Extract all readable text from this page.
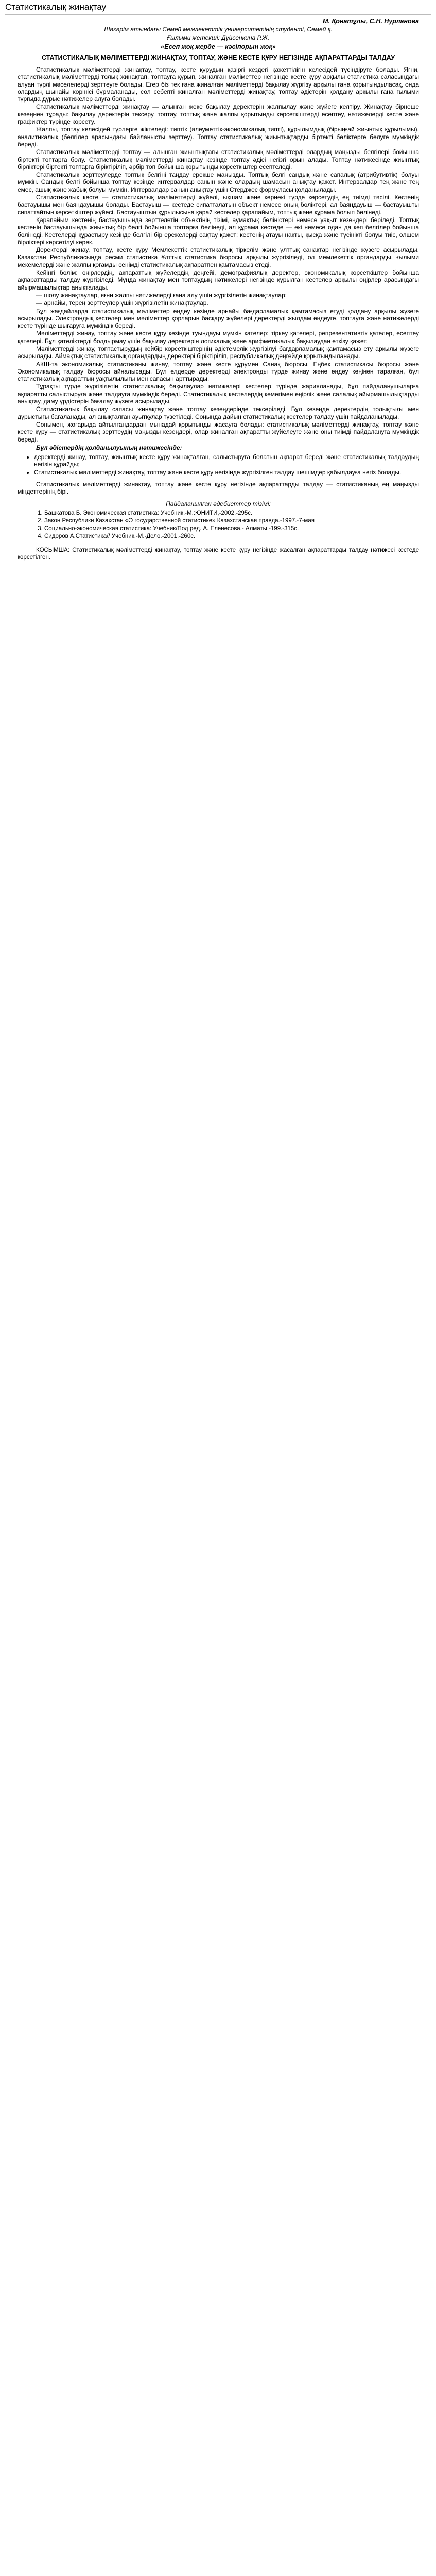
Статистикалық жинақтау
М. Қонатұлы, С.Н. Нурланова
Шәкәрім атындағы Семей мемлекеттік университетінің студенті, Семей қ.
Ғылыми жетекші: Дүйсенкина Р.Ж.
«Есеп жоқ жерде — кәсіпорын жоқ»
СТАТИСТИКАЛЫҚ МӘЛІМЕТТЕРДІ ЖИНАҚТАУ, ТОПТАУ, ЖӘНЕ КЕСТЕ ҚҰРУ НЕГІЗІНДЕ АҚПАРАТТАРДЫ ТАЛДАУ

Статистикалық мәліметтерді жинақтау, топтау, кесте құрудың қазіргі кездегі қажеттілігін келесідей түсіндіруге болады. Яғни, статистикалық мәліметтерді толық жинақтап, топтауға құрып, жиналған мәліметтер негізінде кесте құру арқылы статистика саласындағы алуан түрлі мәселелерді зерттеуге болады. Егер біз тек ғана жиналған мәліметтерді бақылау жүргізу арқылы ғана қорытындыласақ, онда олардың шынайы көрінісі бұрмаланады, сол себепті жиналған мәліметтерді жинақтау, топтау әдістерін қолдану арқылы ғана ғылыми тұрғыда дұрыс нәтижелер алуға болады.

Статистикалық мәліметтерді жинақтау — алынған жеке бақылау деректерін жалпылау және жүйеге келтіру. Жинақтау бірнеше кезеңнен тұрады: бақылау деректерін тексеру, топтау, топтық және жалпы қорытынды көрсеткіштерді есептеу, нәтижелерді кесте және графиктер түрінде көрсету.

Жалпы, топтау келесідей түрлерге жіктеледі: типтік (әлеуметтік-экономикалық типті), құрылымдық (бірыңғай жиынтық құрылымы), аналитикалық (белгілер арасындағы байланысты зерттеу). Топтау статистикалық жиынтықтарды біртекті бөліктерге бөлуге мүмкіндік береді.

Статистикалық мәліметтерді топтау — алынған жиынтықтағы статистикалық мәліметтерді олардың маңызды белгілері бойынша біртекті топтарға бөлу. Статистикалық мәліметтерді жинақтау кезінде топтау әдісі негізгі орын алады. Топтау нәтижесінде жиынтық бірліктері біртекті топтарға біріктіріліп, әрбір топ бойынша қорытынды көрсеткіштер есептеледі.

Статистикалық зерттеулерде топтық белгіні таңдау ерекше маңызды. Топтық белгі сандық және сапалық (атрибутивтік) болуы мүмкін. Сандық белгі бойынша топтау кезінде интервалдар санын және олардың шамасын анықтау қажет. Интервалдар тең және тең емес, ашық және жабық болуы мүмкін. Интервалдар санын анықтау үшін Стерджес формуласы қолданылады.

Статистикалық кесте — статистикалық мәліметтерді жүйелі, ықшам және көрнекі түрде көрсетудің ең тиімді тәсілі. Кестенің бастауышы мен баяндауышы болады. Бастауыш — кестеде сипатталатын объект немесе оның бөліктері, ал баяндауыш — бастауышты сипаттайтын көрсеткіштер жүйесі. Бастауыштың құрылысына қарай кестелер қарапайым, топтық және құрама болып бөлінеді.

Қарапайым кестенің бастауышында зерттелетін объектінің тізімі, аумақтық бөліністері немесе уақыт кезеңдері беріледі. Топтық кестенің бастауышында жиынтық бір белгі бойынша топтарға бөлінеді, ал құрама кестеде — екі немесе одан да көп белгілер бойынша бөлінеді. Кестелерді құрастыру кезінде белгілі бір ережелерді сақтау қажет: кестенің атауы нақты, қысқа және түсінікті болуы тиіс, өлшем бірліктері көрсетілуі керек.

Деректерді жинау, топтау, кесте құру Мемлекеттік статистикалық тіркелім және ұлттық санақтар негізінде жүзеге асырылады. Қазақстан Республикасында ресми статистика Ұлттық статистика бюросы арқылы жүргізіледі, ол мемлекеттік органдарды, ғылыми мекемелерді және жалпы қоғамды сенімді статистикалық ақпаратпен қамтамасыз етеді.

Кейінгі бөлім: өңірлердің, ақпараттық жүйелердің деңгейі, демографиялық деректер, экономикалық көрсеткіштер бойынша ақпараттарды талдау жүргізіледі. Мұнда жинақтау мен топтаудың нәтижелері негізінде құрылған кестелер арқылы өңірлер арасындағы айырмашылықтар анықталады.

— шолу жинақтаулар, яғни жалпы нәтижелерді ғана алу үшін жүргізілетін жинақтаулар;

— арнайы, терең зерттеулер үшін жүргізілетін жинақтаулар.

Бұл жағдайларда статистикалық мәліметтер өңдеу кезінде арнайы бағдарламалық қамтамасыз етуді қолдану арқылы жүзеге асырылады. Электрондық кестелер мен мәліметтер қорларын басқару жүйелері деректерді жылдам өңдеуге, топтауға және нәтижелерді кесте түрінде шығаруға мүмкіндік береді.

Мәліметтерді жинау, топтау және кесте құру кезінде туындауы мүмкін қателер: тіркеу қателері, репрезентативтік қателер, есептеу қателері. Бұл қателіктерді болдырмау үшін бақылау деректерін логикалық және арифметикалық бақылаудан өткізу қажет.

Мәліметтерді жинау, топтастырудың кейбір көрсеткіштерінің әдістемелік жүргізілуі бағдарламалық қамтамасыз ету арқылы жүзеге асырылады. Аймақтық статистикалық органдардың деректері біріктіріліп, республикалық деңгейде қорытындыланады.

АКШ-та экономикалық статистиканы жинау, топтау және кесте құрумен Санақ бюросы, Еңбек статистикасы бюросы және Экономикалық талдау бюросы айналысады. Бұл елдерде деректерді электронды түрде жинау және өңдеу кеңінен таралған, бұл статистикалық ақпараттың уақтылылығы мен сапасын арттырады.

Тұрақты түрде жүргізілетін статистикалық бақылаулар нәтижелері кестелер түрінде жарияланады, бұл пайдаланушыларға ақпаратты салыстыруға және талдауға мүмкіндік береді. Статистикалық кестелердің көмегімен өңірлік және салалық айырмашылықтарды анықтау, даму үрдістерін бағалау жүзеге асырылады.

Статистикалық бақылау сапасы жинақтау және топтау кезеңдерінде тексеріледі. Бұл кезеңде деректердің толықтығы мен дұрыстығы бағаланады, ал анықталған ауытқулар түзетіледі. Соңында дайын статистикалық кестелер талдау үшін пайдаланылады.

Сонымен, жоғарыда айтылғандардан мынадай қорытынды жасауға болады: статистикалық мәліметтерді жинақтау, топтау және кесте құру — статистикалық зерттеудің маңызды кезеңдері, олар жиналған ақпаратты жүйелеуге және оны тиімді пайдалануға мүмкіндік береді.

Бұл әдістердің қолданылуының нәтижесінде:
• деректерді жинау, топтау, жиынтық кесте құру жинақталған, салыстыруға болатын ақпарат береді және статистикалық талдаудың негізін құрайды;
• Статистикалық мәліметтерді жинақтау, топтау және кесте құру негізінде жүргізілген талдау шешімдер қабылдауға негіз болады.

Статистикалық мәліметтерді жинақтау, топтау және кесте құру негізінде ақпараттарды талдау — статистиканың ең маңызды міндеттерінің бірі.

Пайдаланылған әдебиеттер тізімі:
1. Башкатова Б. Экономическая статистика: Учебник.-М.:ЮНИТИ,-2002.-295с.
2. Закон Республики Казахстан «О государственной статистике» Казахстанская правда.-1997.-7-мая
3. Социально-экономическая статистика: Учебник/Под ред. А. Еленесова.- Алматы.-199.-315с.
4. Сидоров А.Статистика// Учебник.-М.-Дело.-2001.-260с.

КОСЫМША: Статистикалық мәліметтерді жинақтау, топтау және кесте құру негізінде жасалған ақпараттарды талдау нәтижесі кестеде көрсетілген.
